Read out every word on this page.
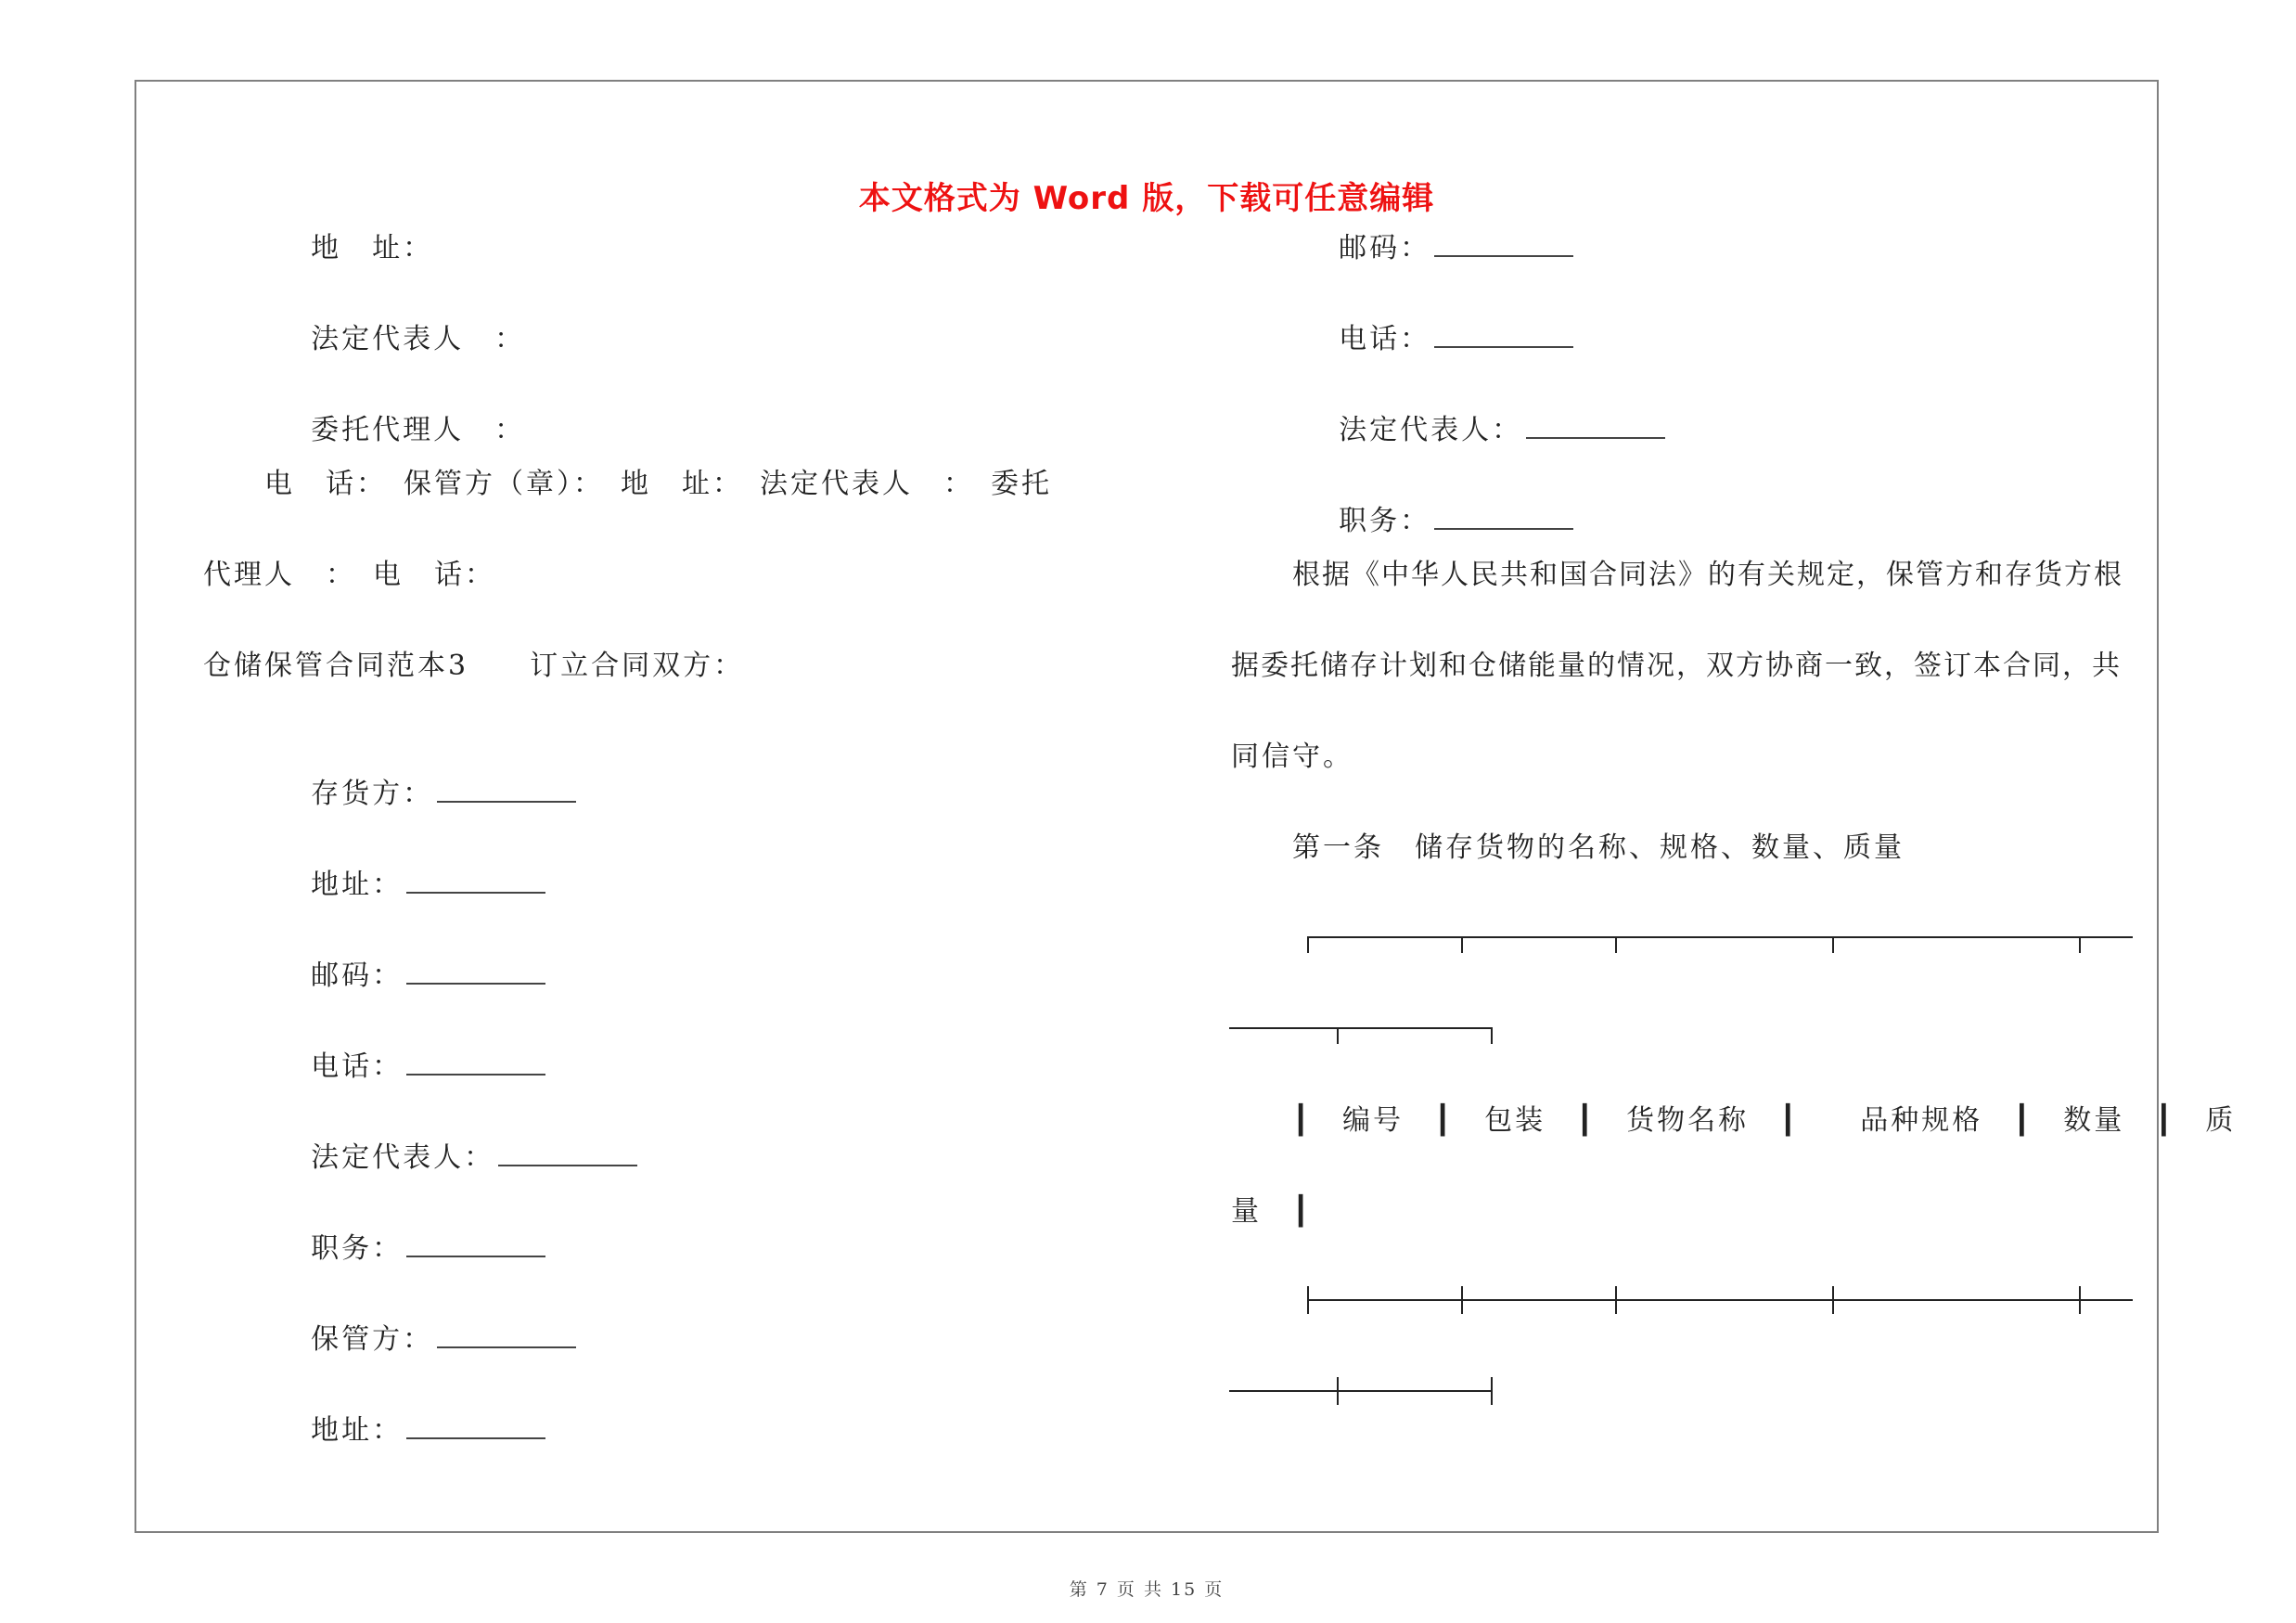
本文格式为 Word 版，下载可任意编辑

地　址：

法定代表人　：

委托代理人　：

电　话：　保管方（章）：　地　址：　法定代表人　：　委托
代理人　：　电　话：
仓储保管合同范本3　　订立合同双方：

存货方：

地址：

邮码：

电话：

法定代表人：

职务：

保管方：

地址：

邮码：

电话：

法定代表人：

职务：

根据《中华人民共和国合同法》的有关规定，保管方和存货方根
据委托储存计划和仓储能量的情况，双方协商一致，签订本合同，共
同信守。
第一条　储存货物的名称、规格、数量、质量
┃　编号　┃　包装　┃　货物名称　┃　　品种规格　┃　数量　┃　质
量　┃
第 7 页 共 15 页
